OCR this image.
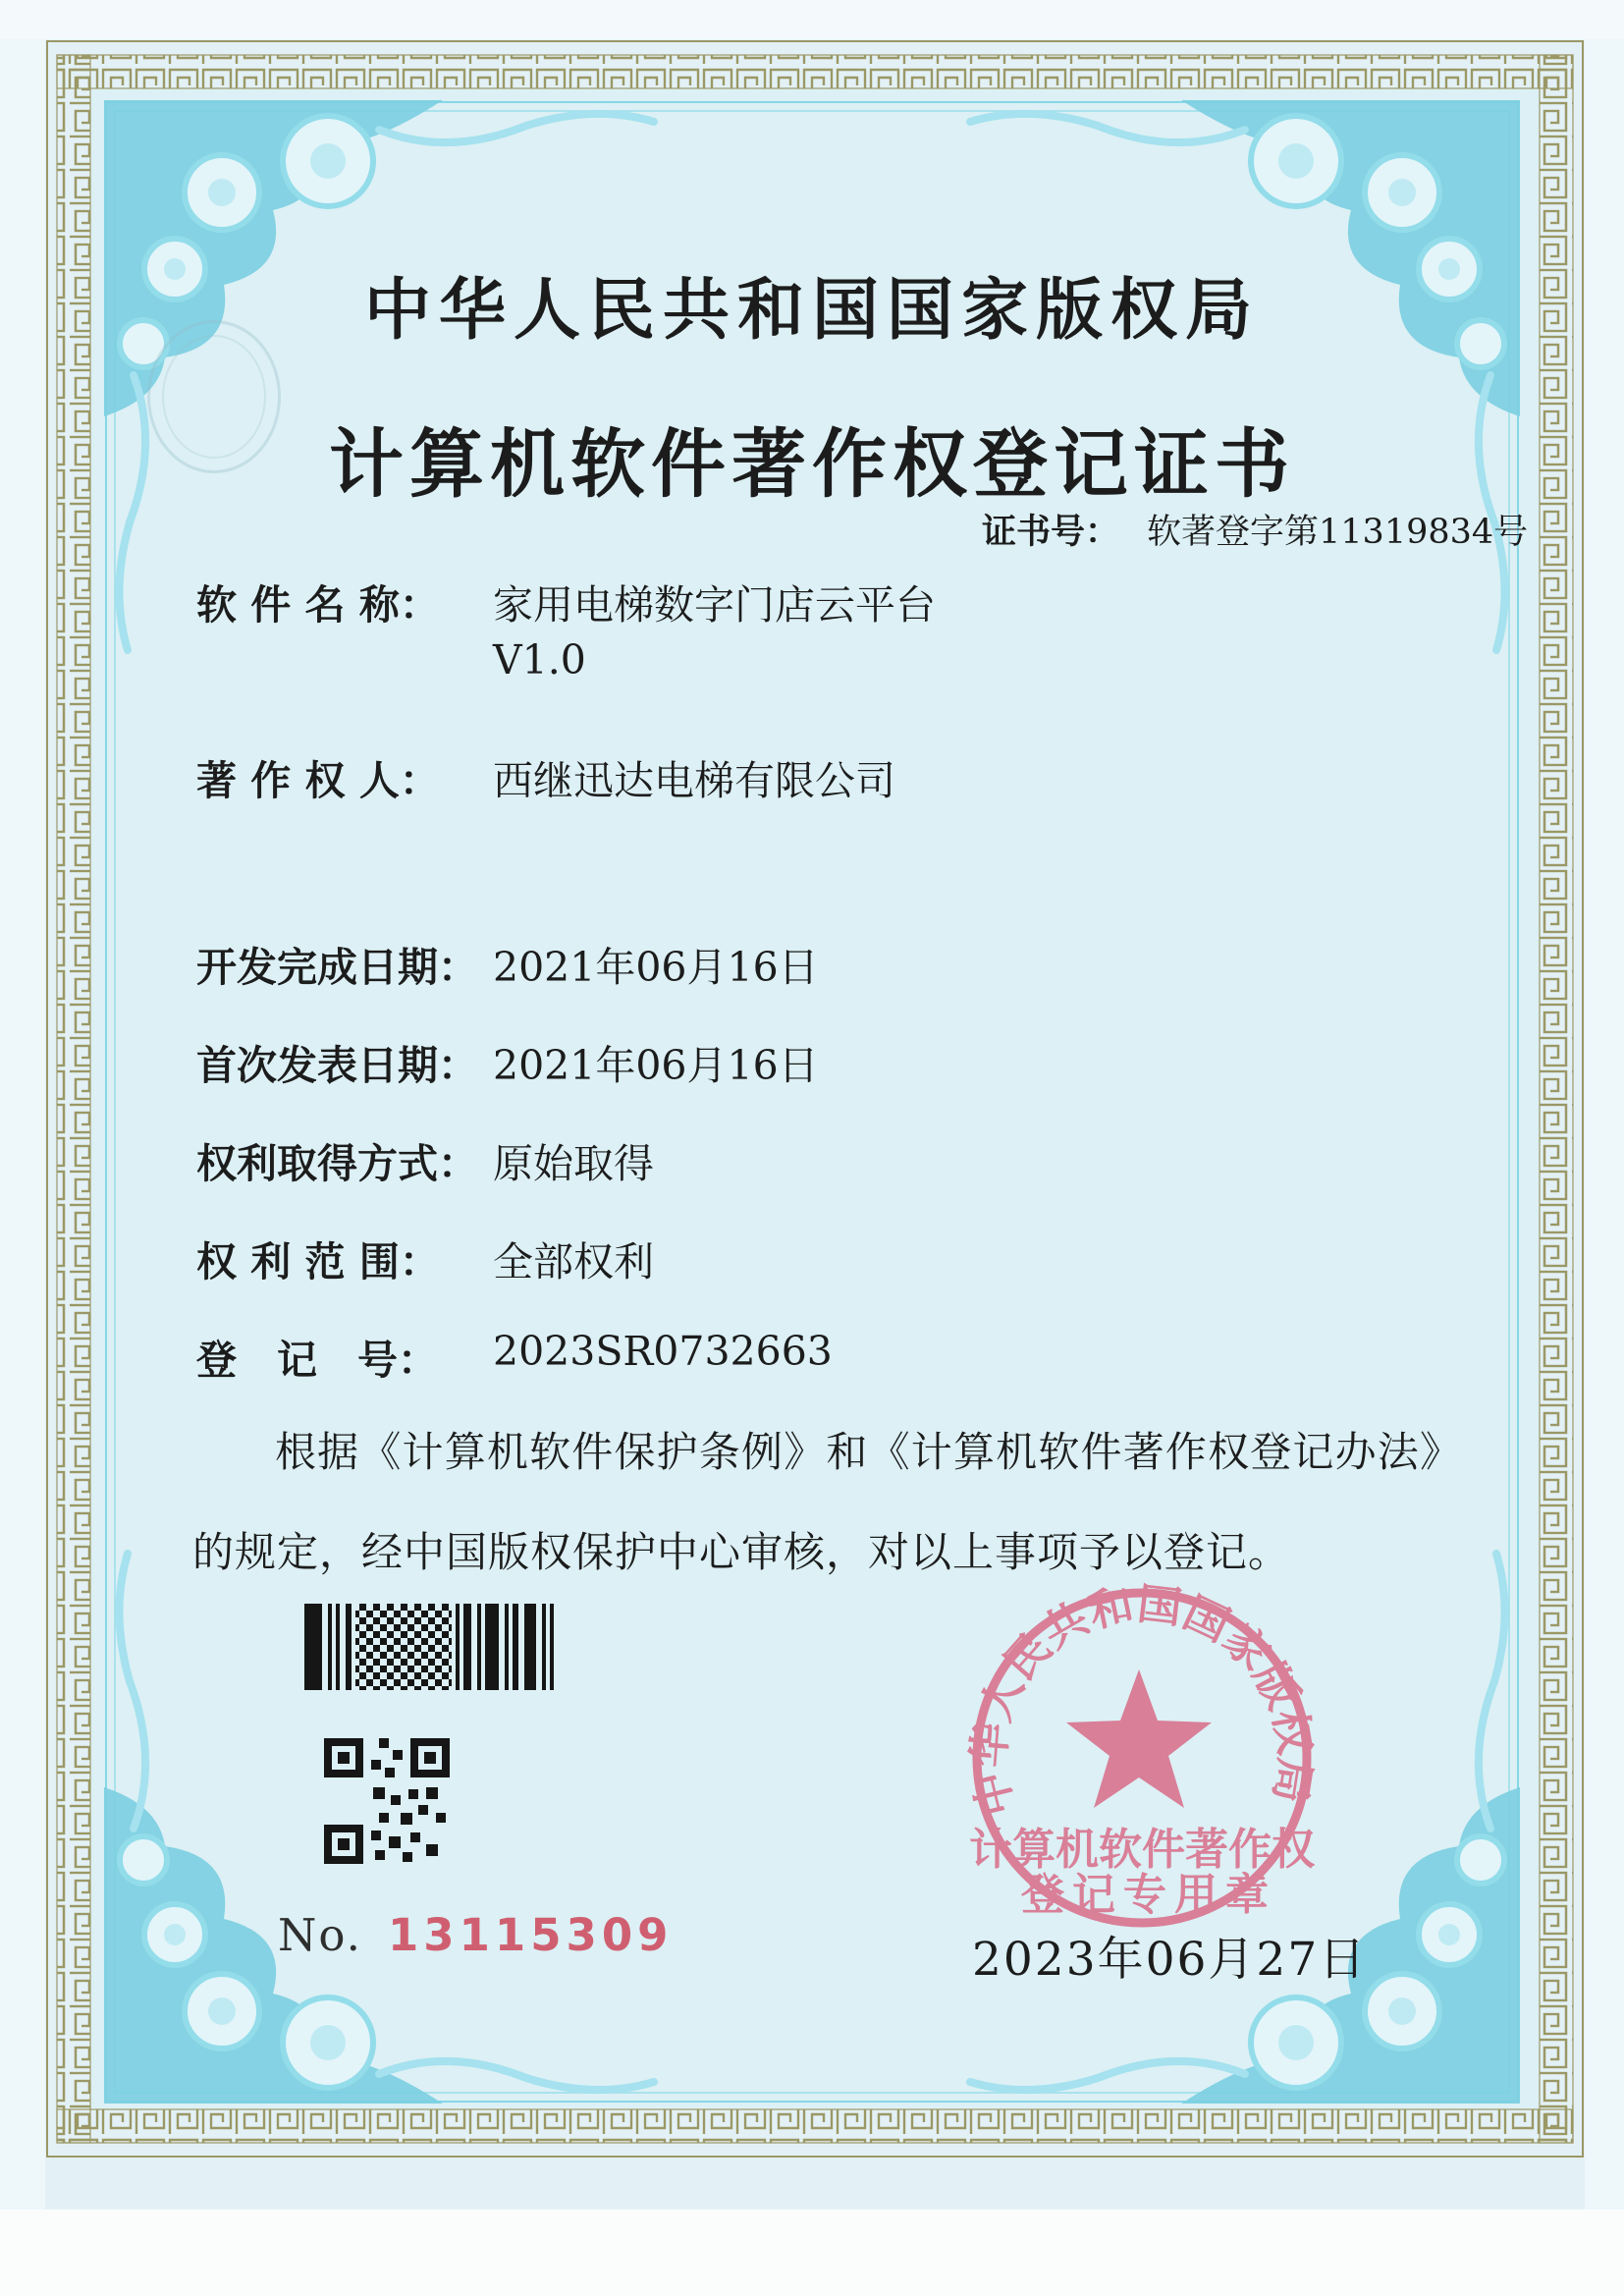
中华人民共和国国家版权局
计算机软件著作权登记证书
证书号： 软著登字第11319834号
软 件 名 称： 家用电梯数字门店云平台
V1.0
著 作 权 人： 西继迅达电梯有限公司
开发完成日期： 2021年06月16日
首次发表日期： 2021年06月16日
权利取得方式： 原始取得
权 利 范 围： 全部权利
登　记　号： 2023SR0732663
根据《计算机软件保护条例》和《计算机软件著作权登记办法》的规定，经中国版权保护中心审核，对以上事项予以登记。
No. 13115309
中华人民共和国国家版权局
计算机软件著作权
登记专用章
2023年06月27日
